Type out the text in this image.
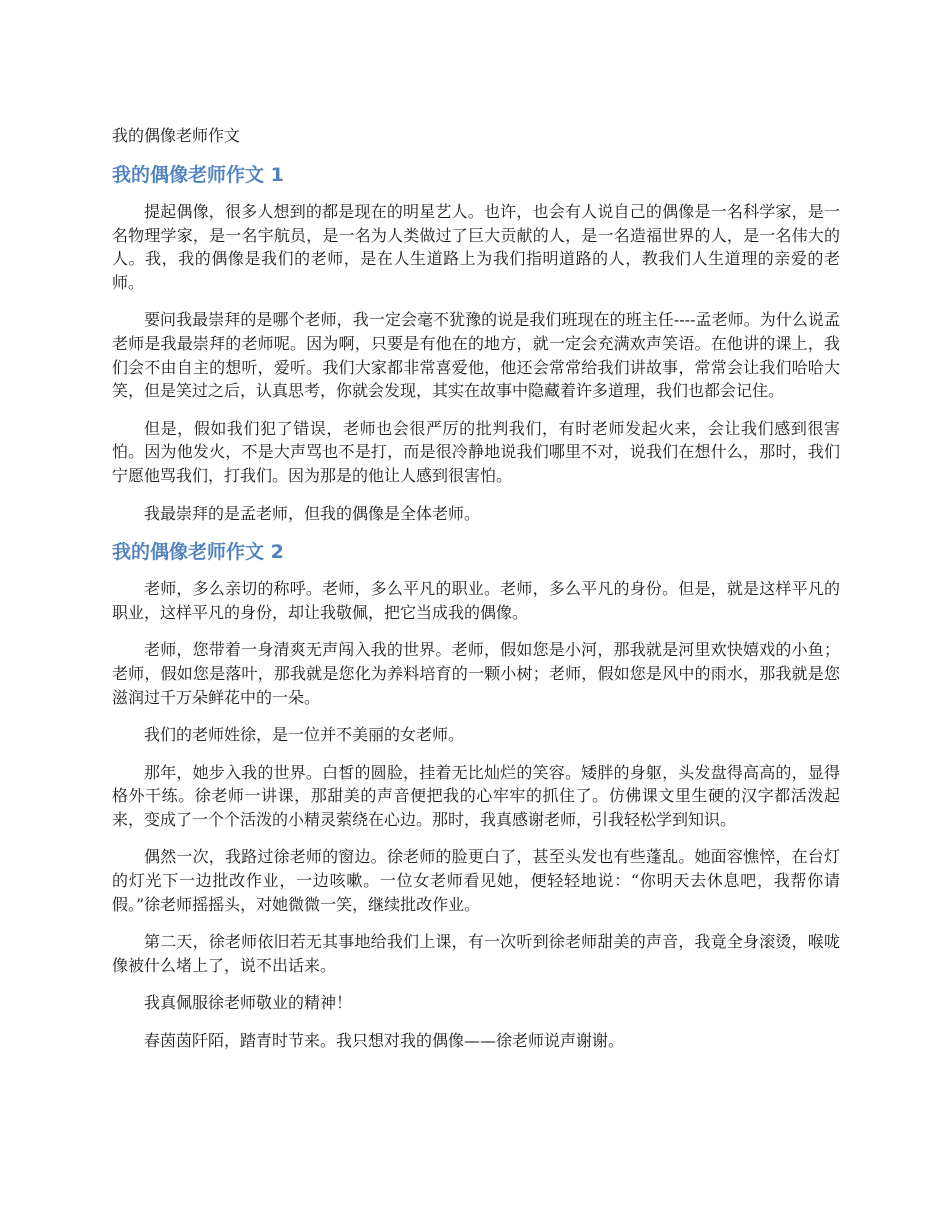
我的偶像老师作文
我的偶像老师作文 1

提起偶像，很多人想到的都是现在的明星艺人。也许，也会有人说自己的偶像是一名科学家，是一名物理学家，是一名宇航员，是一名为人类做过了巨大贡献的人，是一名造福世界的人，是一名伟大的人。我，我的偶像是我们的老师，是在人生道路上为我们指明道路的人，教我们人生道理的亲爱的老师。

要问我最崇拜的是哪个老师，我一定会毫不犹豫的说是我们班现在的班主任----孟老师。为什么说孟老师是我最崇拜的老师呢。因为啊，只要是有他在的地方，就一定会充满欢声笑语。在他讲的课上，我们会不由自主的想听，爱听。我们大家都非常喜爱他，他还会常常给我们讲故事，常常会让我们哈哈大笑，但是笑过之后，认真思考，你就会发现，其实在故事中隐藏着许多道理，我们也都会记住。

但是，假如我们犯了错误，老师也会很严厉的批判我们，有时老师发起火来，会让我们感到很害怕。因为他发火，不是大声骂也不是打，而是很冷静地说我们哪里不对，说我们在想什么，那时，我们宁愿他骂我们，打我们。因为那是的他让人感到很害怕。

我最崇拜的是孟老师，但我的偶像是全体老师。

我的偶像老师作文 2

老师，多么亲切的称呼。老师，多么平凡的职业。老师，多么平凡的身份。但是，就是这样平凡的职业，这样平凡的身份，却让我敬佩，把它当成我的偶像。

老师，您带着一身清爽无声闯入我的世界。老师，假如您是小河，那我就是河里欢快嬉戏的小鱼；老师，假如您是落叶，那我就是您化为养料培育的一颗小树；老师，假如您是风中的雨水，那我就是您滋润过千万朵鲜花中的一朵。

我们的老师姓徐，是一位并不美丽的女老师。

那年，她步入我的世界。白皙的圆脸，挂着无比灿烂的笑容。矮胖的身躯，头发盘得高高的，显得格外干练。徐老师一讲课，那甜美的声音便把我的心牢牢的抓住了。仿佛课文里生硬的汉字都活泼起来，变成了一个个活泼的小精灵萦绕在心边。那时，我真感谢老师，引我轻松学到知识。

偶然一次，我路过徐老师的窗边。徐老师的脸更白了，甚至头发也有些蓬乱。她面容憔悴，在台灯的灯光下一边批改作业，一边咳嗽。一位女老师看见她，便轻轻地说：“你明天去休息吧，我帮你请假。”徐老师摇摇头，对她微微一笑，继续批改作业。

第二天，徐老师依旧若无其事地给我们上课，有一次听到徐老师甜美的声音，我竟全身滚烫，喉咙像被什么堵上了，说不出话来。

我真佩服徐老师敬业的精神！

春茵茵阡陌，踏青时节来。我只想对我的偶像——徐老师说声谢谢。
